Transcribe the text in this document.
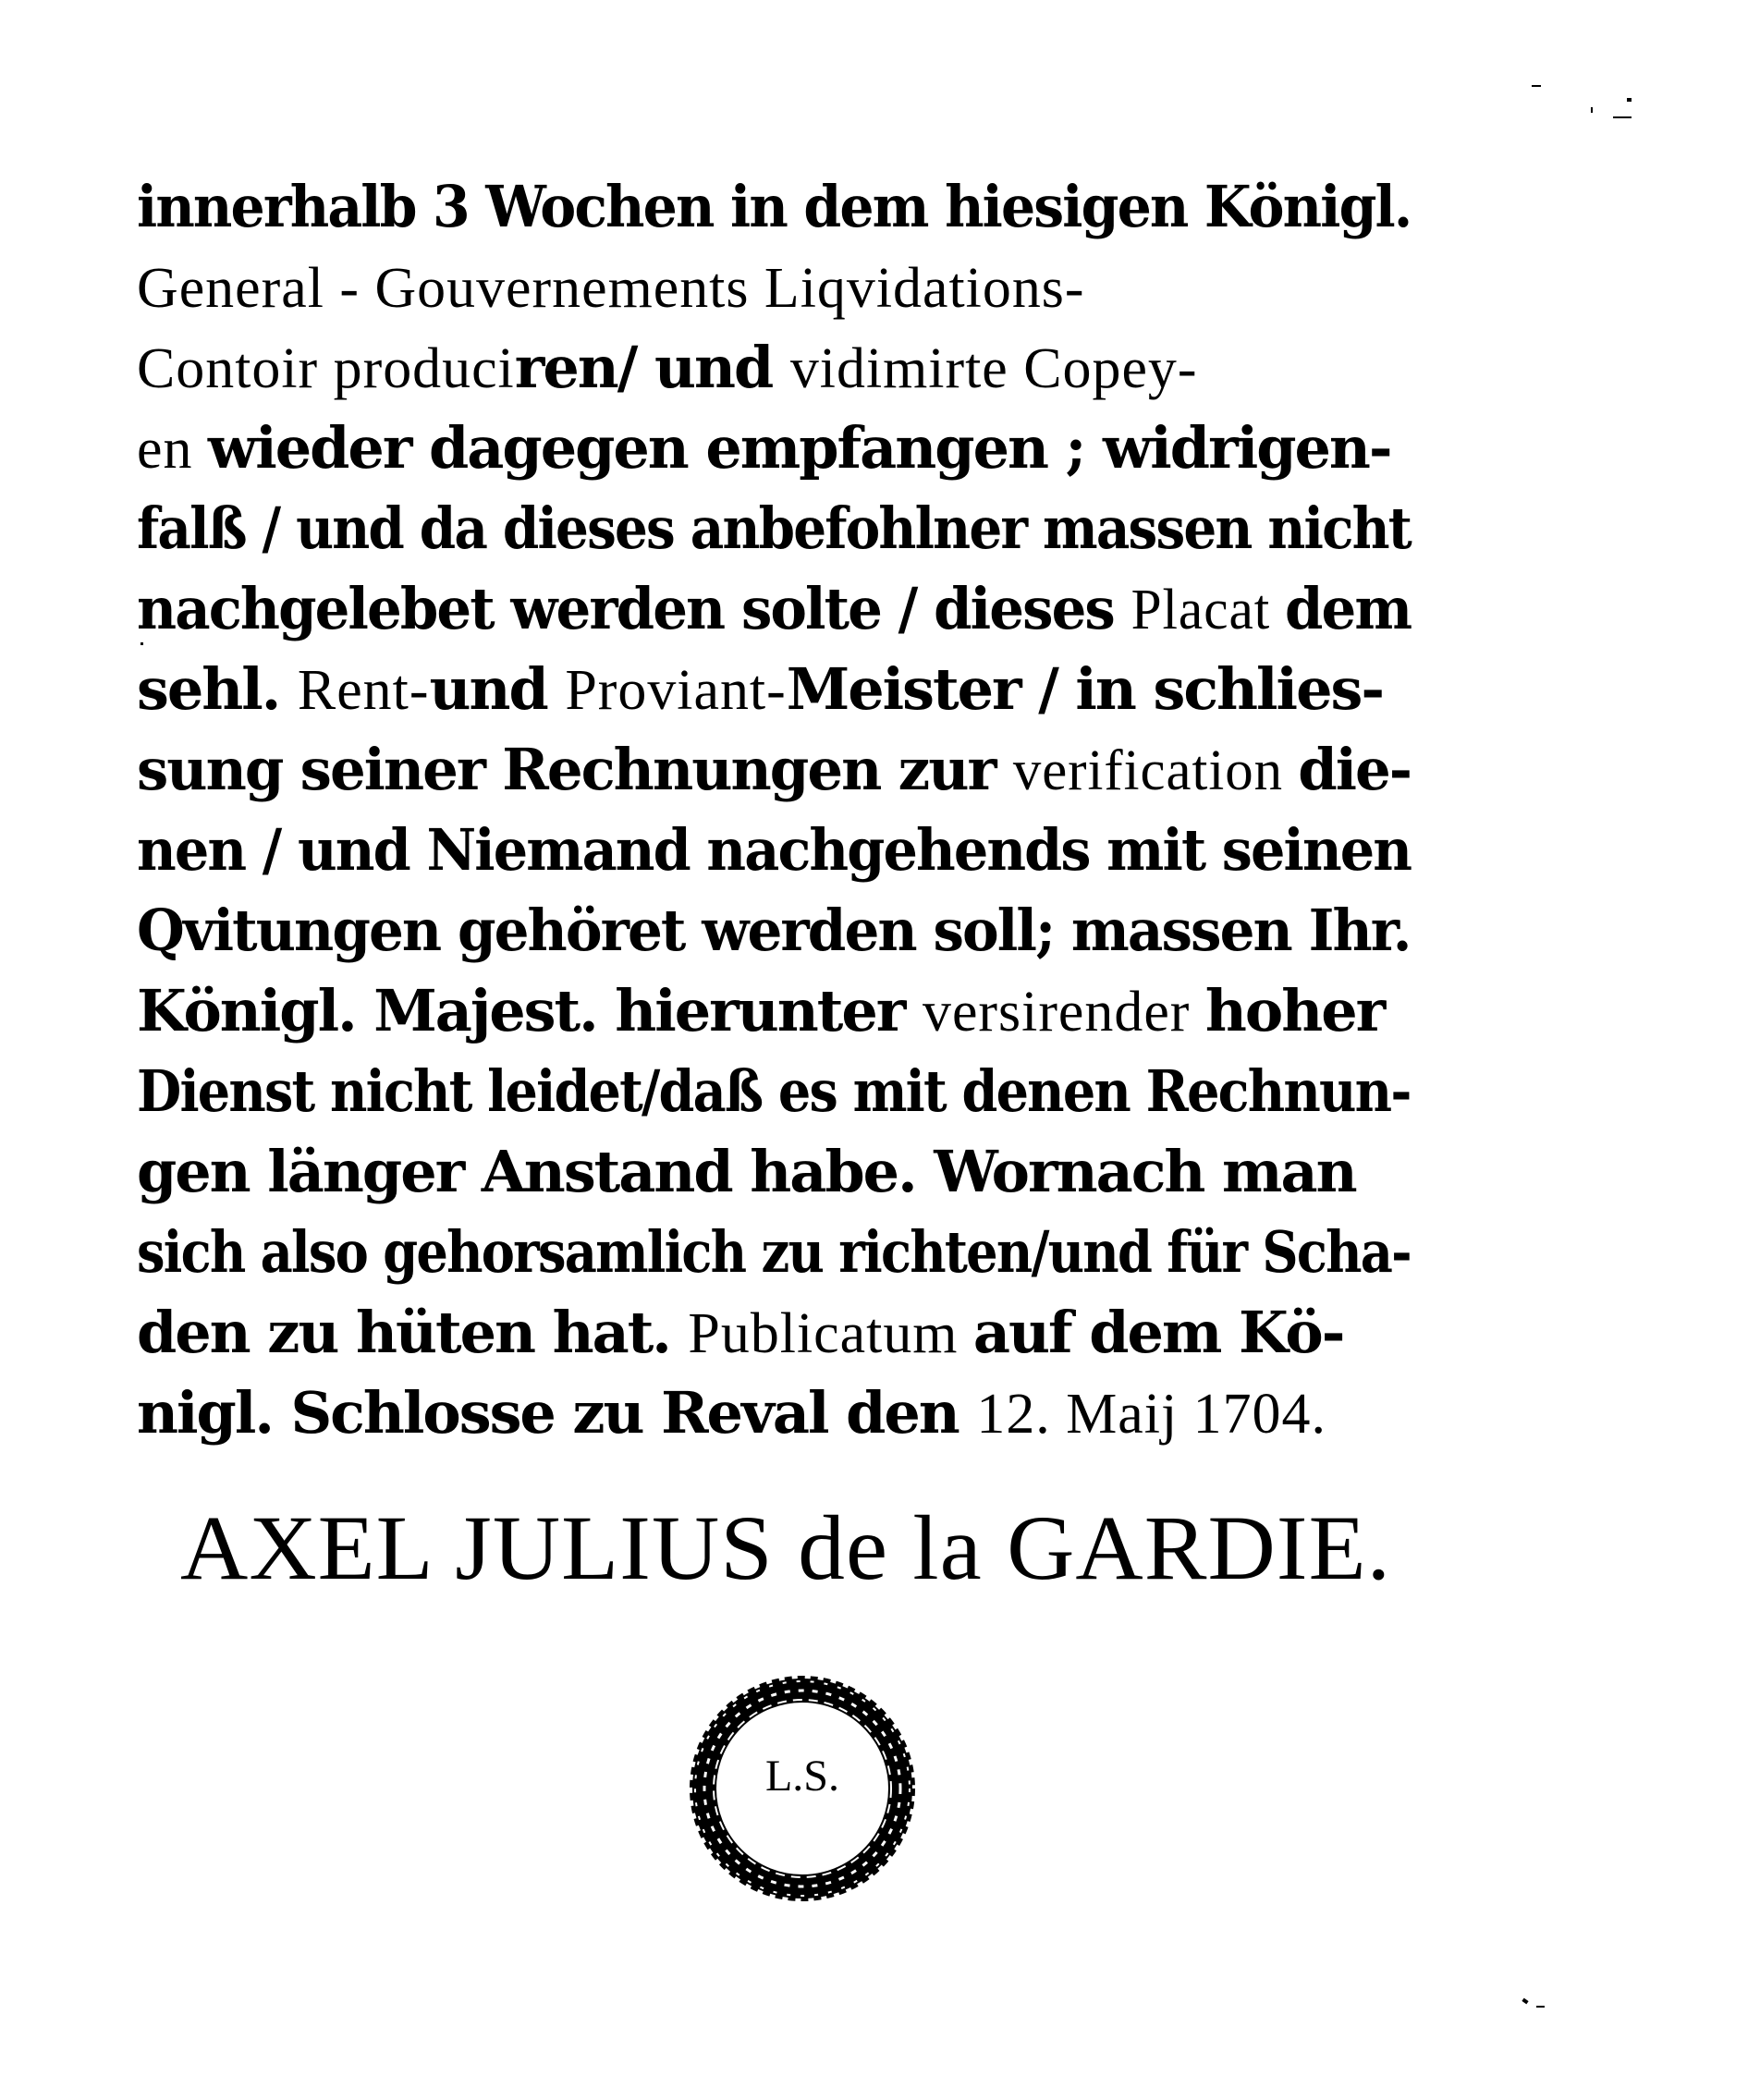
innerhalb 3 Wochen in dem hiesigen Königl.
General - Gouvernements Liqvidations-
Contoir produciren/ und vidimirte Copey-
en wieder dagegen empfangen ; widrigen-
falß / und da dieses anbefohlner massen nicht
nachgelebet werden solte / dieses Placat dem
sehl. Rent-und Proviant-Meister / in schlies-
sung seiner Rechnungen zur verification die-
nen / und Niemand nachgehends mit seinen
Qvitungen gehöret werden soll; massen Ihr.
Königl. Majest. hierunter versirender hoher
Dienst nicht leidet/daß es mit denen Rechnun-
gen länger Anstand habe. Wornach man
sich also gehorsamlich zu richten/und für Scha-
den zu hüten hat. Publicatum auf dem Kö-
nigl. Schlosse zu Reval den 12. Maij 1704.
AXEL JULIUS de la GARDIE.
L.S.
